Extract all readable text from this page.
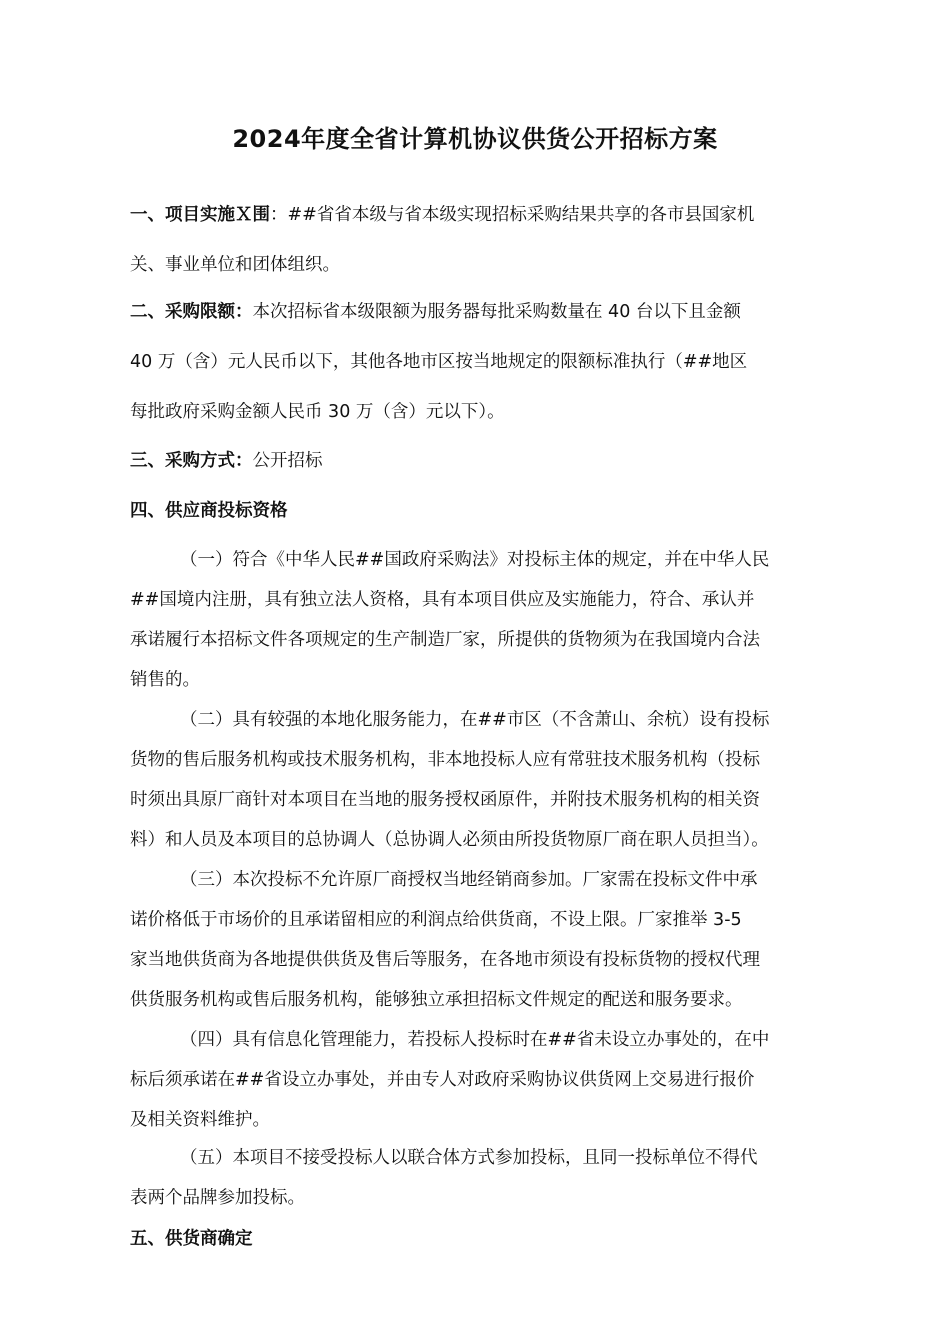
2024年度全省计算机协议供货公开招标方案
一、项目实施Ｘ围：##省省本级与省本级实现招标采购结果共享的各市县国家机
关、事业单位和团体组织。
二、采购限额：本次招标省本级限额为服务器每批采购数量在 40 台以下且金额
40 万（含）元人民币以下，其他各地市区按当地规定的限额标准执行（##地区
每批政府采购金额人民币 30 万（含）元以下）。
三、采购方式：公开招标
四、供应商投标资格
（一）符合《中华人民##国政府采购法》对投标主体的规定，并在中华人民
##国境内注册，具有独立法人资格，具有本项目供应及实施能力，符合、承认并
承诺履行本招标文件各项规定的生产制造厂家，所提供的货物须为在我国境内合法
销售的。
（二）具有较强的本地化服务能力，在##市区（不含萧山、余杭）设有投标
货物的售后服务机构或技术服务机构，非本地投标人应有常驻技术服务机构（投标
时须出具原厂商针对本项目在当地的服务授权函原件，并附技术服务机构的相关资
料）和人员及本项目的总协调人（总协调人必须由所投货物原厂商在职人员担当）。
（三）本次投标不允许原厂商授权当地经销商参加。厂家需在投标文件中承
诺价格低于市场价的且承诺留相应的利润点给供货商，不设上限。厂家推举 3-5
家当地供货商为各地提供供货及售后等服务，在各地市须设有投标货物的授权代理
供货服务机构或售后服务机构，能够独立承担招标文件规定的配送和服务要求。
（四）具有信息化管理能力，若投标人投标时在##省未设立办事处的，在中
标后须承诺在##省设立办事处，并由专人对政府采购协议供货网上交易进行报价
及相关资料维护。
（五）本项目不接受投标人以联合体方式参加投标，且同一投标单位不得代
表两个品牌参加投标。
五、供货商确定
